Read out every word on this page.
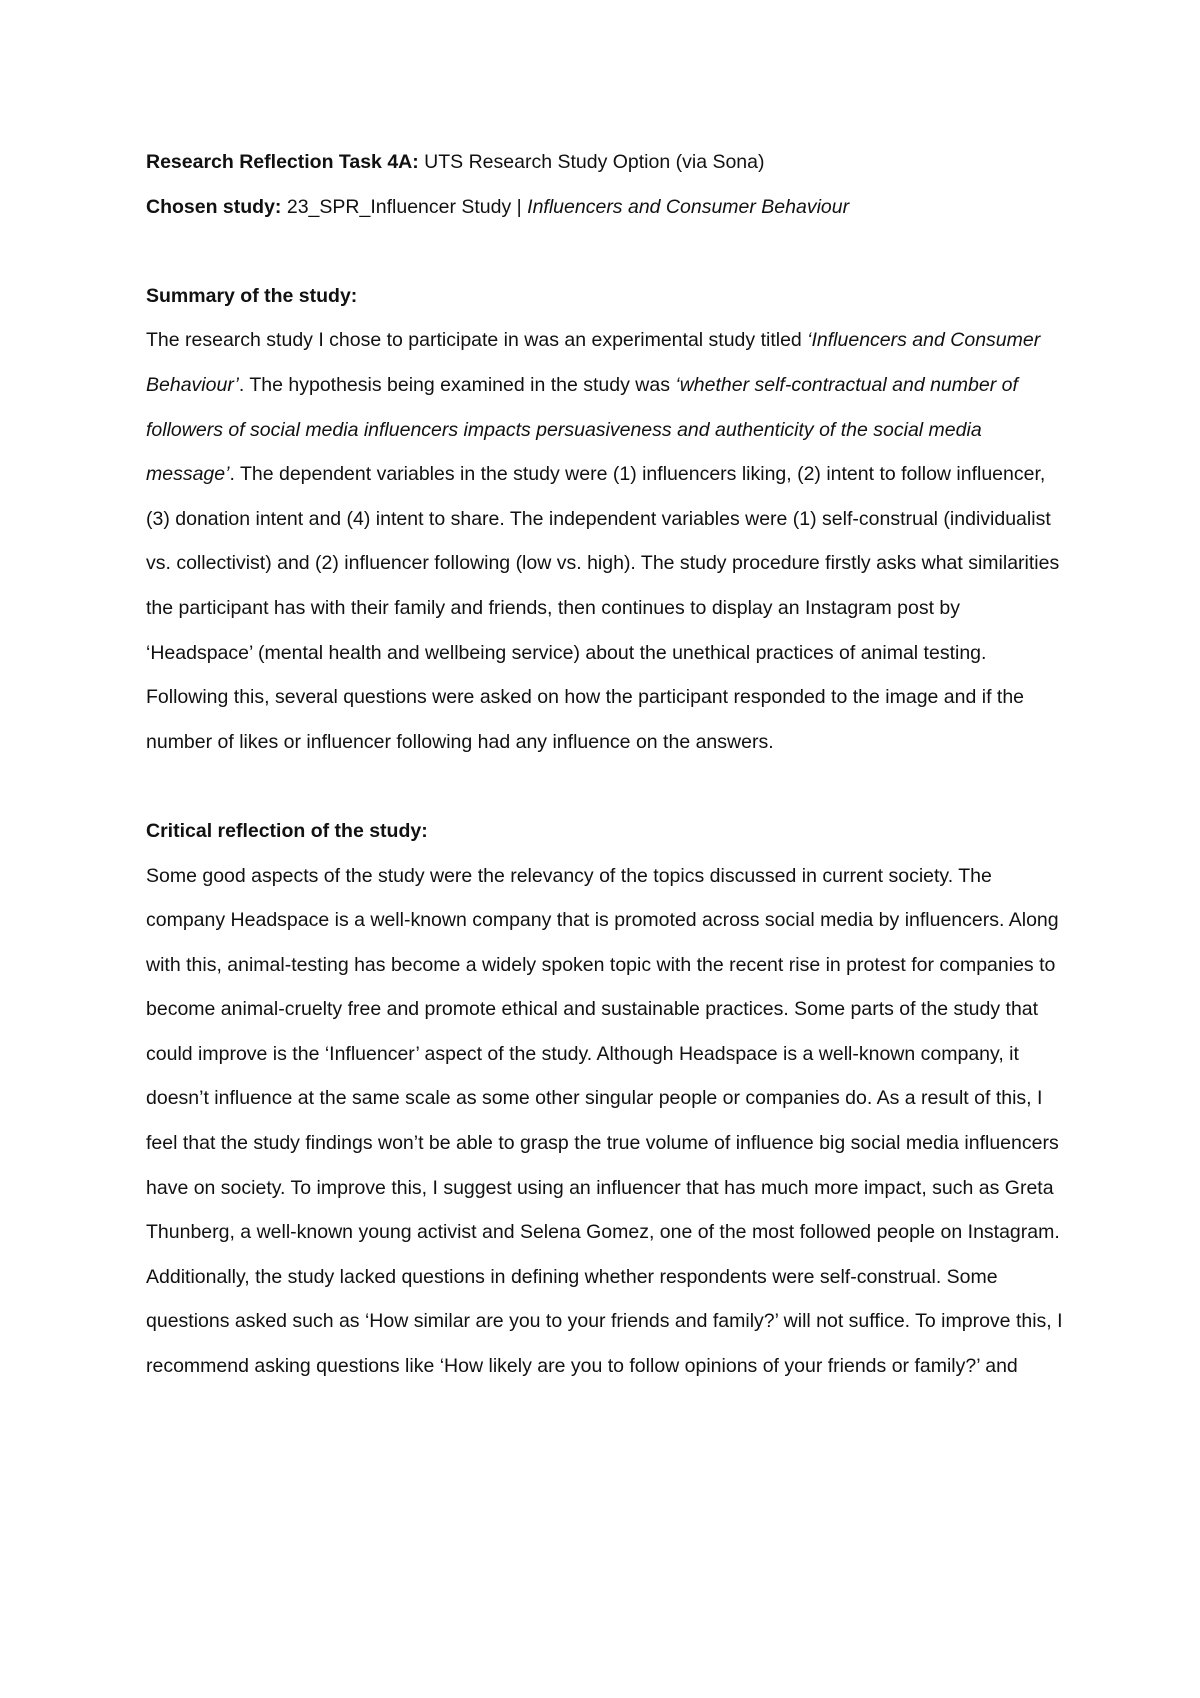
Research Reflection Task 4A: UTS Research Study Option (via Sona)

Chosen study: 23_SPR_Influencer Study | Influencers and Consumer Behaviour

Summary of the study:

The research study I chose to participate in was an experimental study titled ‘Influencers and Consumer Behaviour’. The hypothesis being examined in the study was ‘whether self-contractual and number of followers of social media influencers impacts persuasiveness and authenticity of the social media message’. The dependent variables in the study were (1) influencers liking, (2) intent to follow influencer, (3) donation intent and (4) intent to share. The independent variables were (1) self-construal (individualist vs. collectivist) and (2) influencer following (low vs. high). The study procedure firstly asks what similarities the participant has with their family and friends, then continues to display an Instagram post by ‘Headspace’ (mental health and wellbeing service) about the unethical practices of animal testing. Following this, several questions were asked on how the participant responded to the image and if the number of likes or influencer following had any influence on the answers.

Critical reflection of the study:

Some good aspects of the study were the relevancy of the topics discussed in current society. The company Headspace is a well-known company that is promoted across social media by influencers. Along with this, animal-testing has become a widely spoken topic with the recent rise in protest for companies to become animal-cruelty free and promote ethical and sustainable practices. Some parts of the study that could improve is the ‘Influencer’ aspect of the study. Although Headspace is a well-known company, it doesn’t influence at the same scale as some other singular people or companies do. As a result of this, I feel that the study findings won’t be able to grasp the true volume of influence big social media influencers have on society. To improve this, I suggest using an influencer that has much more impact, such as Greta Thunberg, a well-known young activist and Selena Gomez, one of the most followed people on Instagram. Additionally, the study lacked questions in defining whether respondents were self-construal. Some questions asked such as ‘How similar are you to your friends and family?’ will not suffice. To improve this, I recommend asking questions like ‘How likely are you to follow opinions of your friends or family?’ and
